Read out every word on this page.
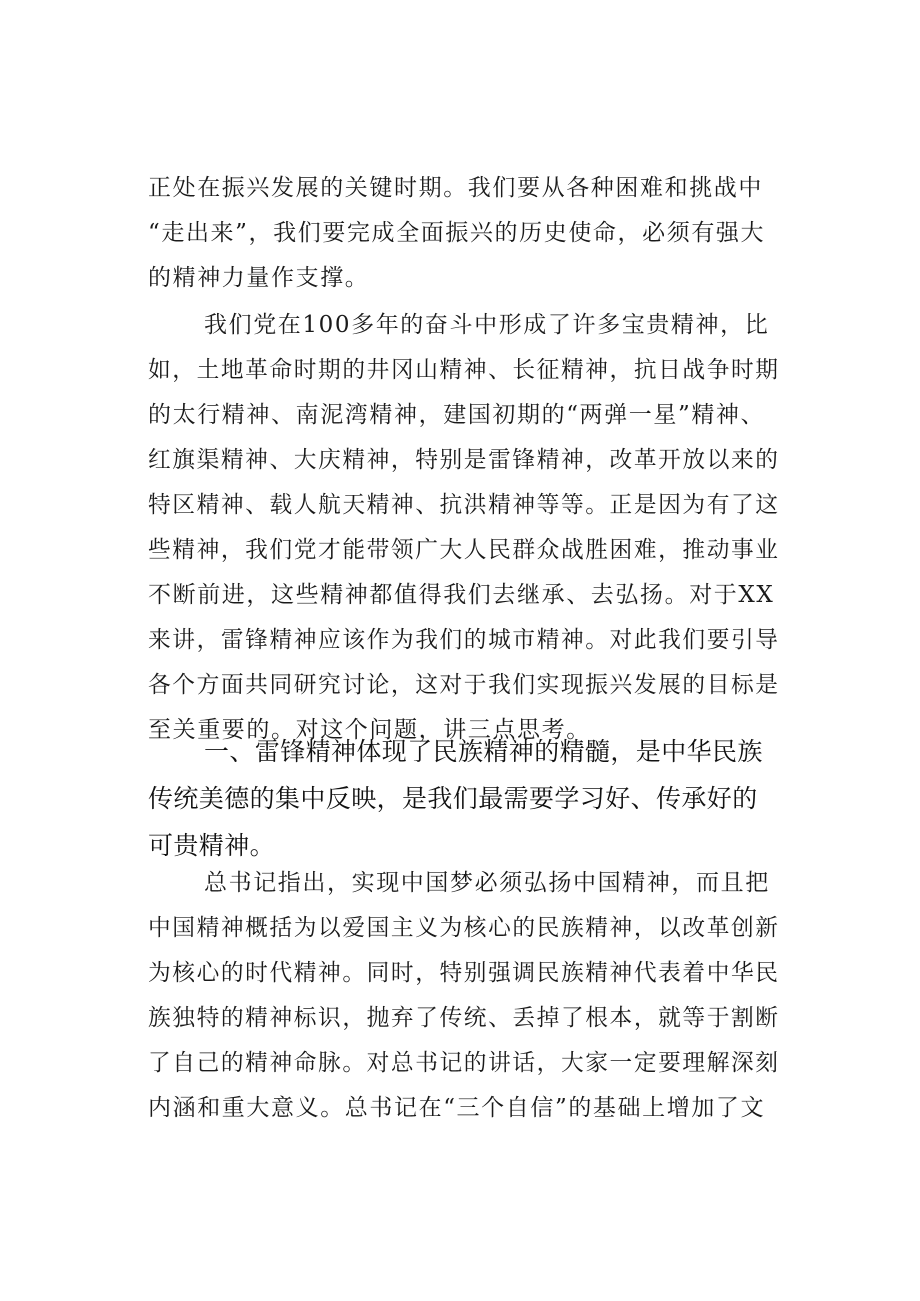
正处在振兴发展的关键时期。我们要从各种困难和挑战中
“走出来”，我们要完成全面振兴的历史使命，必须有强大
的精神力量作支撑。
我们党在100多年的奋斗中形成了许多宝贵精神，比
如，土地革命时期的井冈山精神、长征精神，抗日战争时期
的太行精神、南泥湾精神，建国初期的“两弹一星”精神、
红旗渠精神、大庆精神，特别是雷锋精神，改革开放以来的
特区精神、载人航天精神、抗洪精神等等。正是因为有了这
些精神，我们党才能带领广大人民群众战胜困难，推动事业
不断前进，这些精神都值得我们去继承、去弘扬。对于XX
来讲，雷锋精神应该作为我们的城市精神。对此我们要引导
各个方面共同研究讨论，这对于我们实现振兴发展的目标是
至关重要的。对这个问题，讲三点思考。
一、雷锋精神体现了民族精神的精髓，是中华民族
传统美德的集中反映，是我们最需要学习好、传承好的
可贵精神。
总书记指出，实现中国梦必须弘扬中国精神，而且把
中国精神概括为以爱国主义为核心的民族精神，以改革创新
为核心的时代精神。同时，特别强调民族精神代表着中华民
族独特的精神标识，抛弃了传统、丢掉了根本，就等于割断
了自己的精神命脉。对总书记的讲话，大家一定要理解深刻
内涵和重大意义。总书记在“三个自信”的基础上增加了文
